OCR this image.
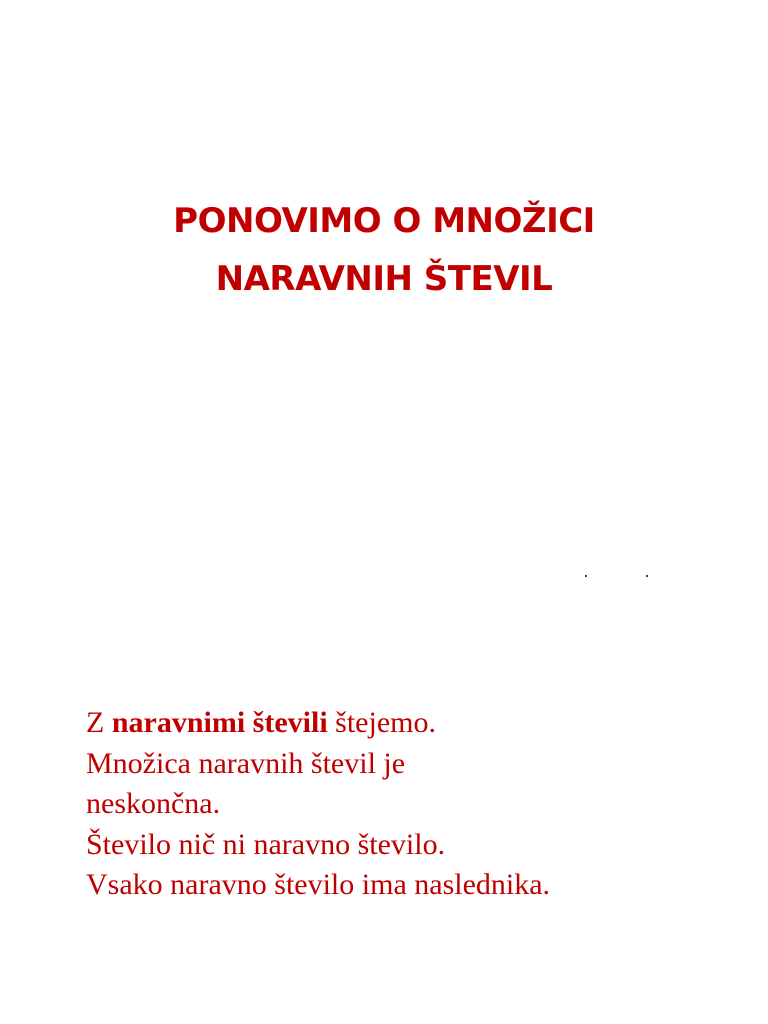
PONOVIMO O MNOŽICI
NARAVNIH ŠTEVIL
Z naravnimi števili štejemo.
Množica naravnih števil je
neskončna.
Število nič ni naravno število.
Vsako naravno število ima naslednika.
